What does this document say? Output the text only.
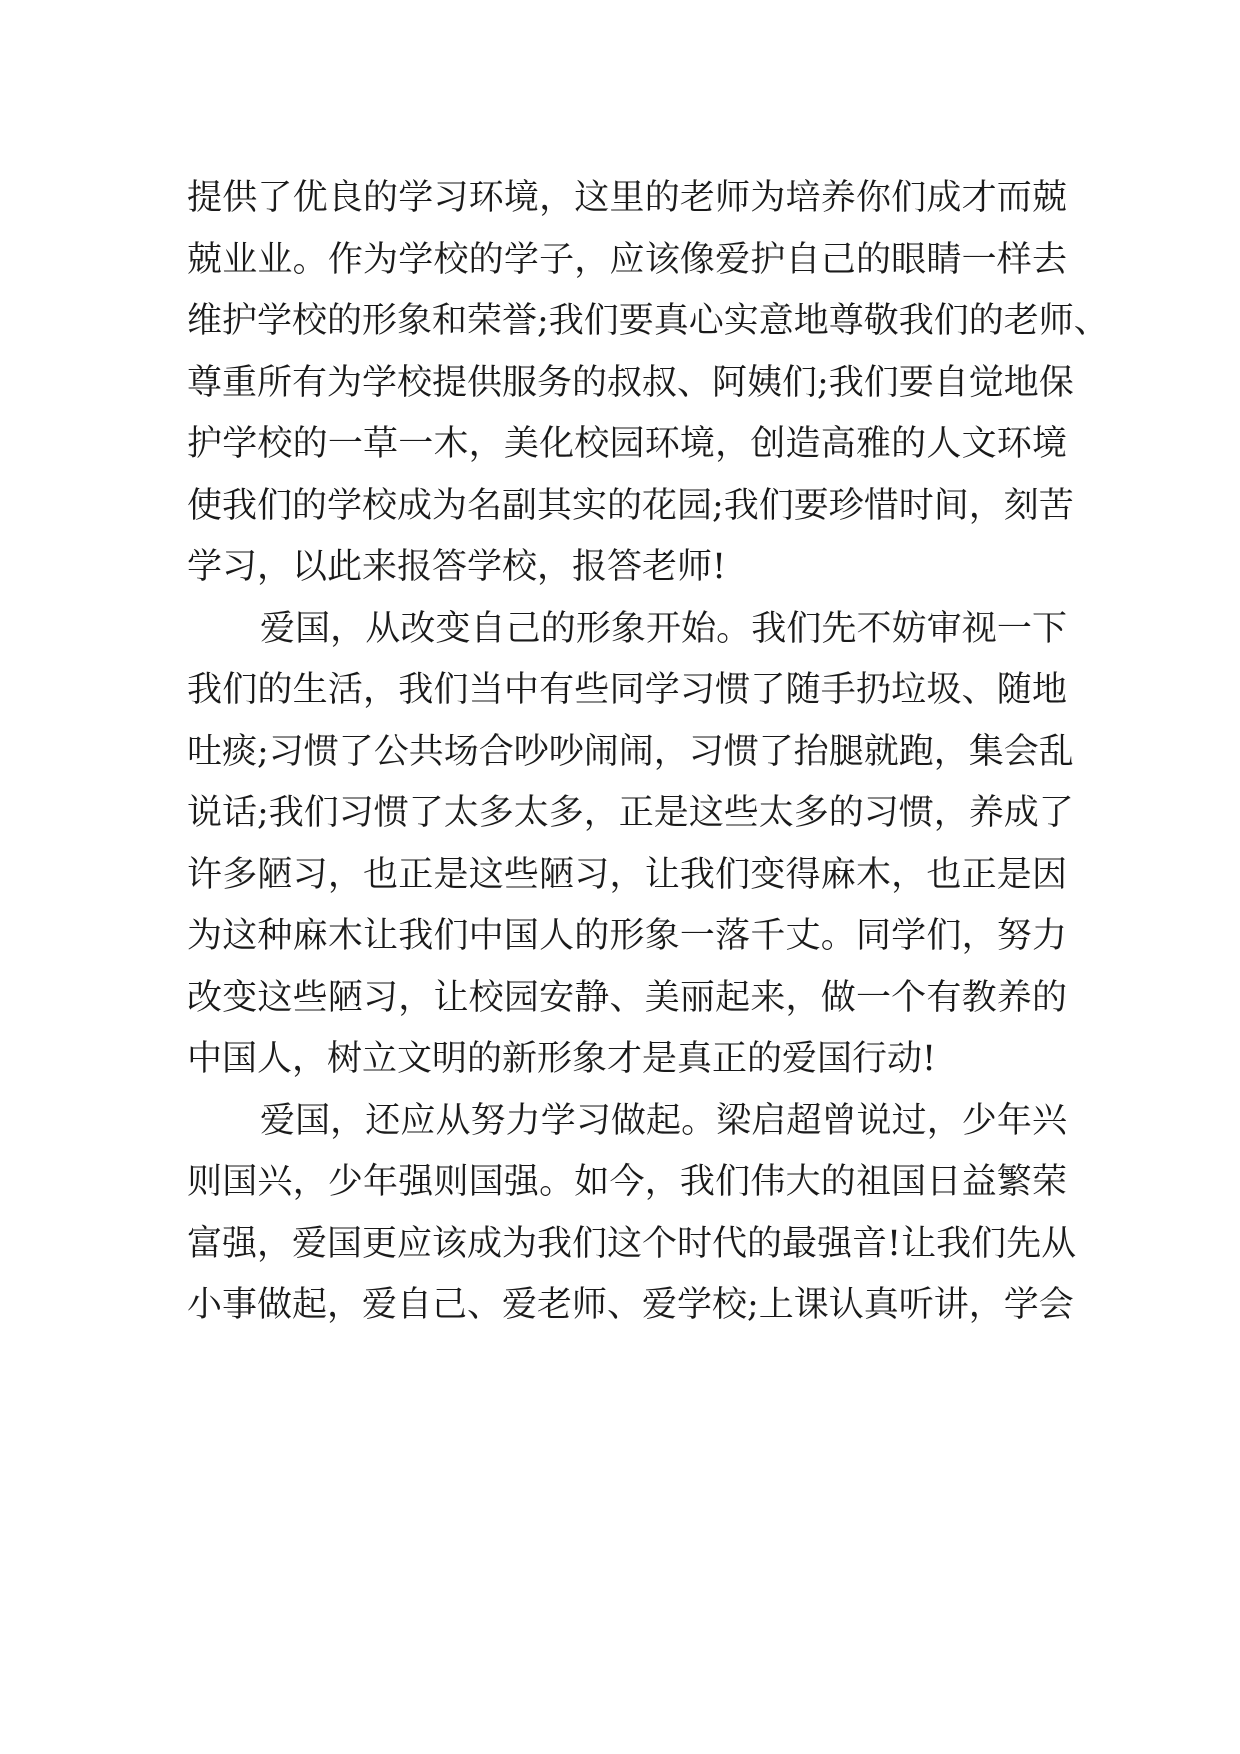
提供了优良的学习环境，这里的老师为培养你们成才而兢
兢业业。作为学校的学子，应该像爱护自己的眼睛一样去
维护学校的形象和荣誉;我们要真心实意地尊敬我们的老师、
尊重所有为学校提供服务的叔叔、阿姨们;我们要自觉地保
护学校的一草一木，美化校园环境，创造高雅的人文环境
使我们的学校成为名副其实的花园;我们要珍惜时间，刻苦
学习，以此来报答学校，报答老师!
爱国，从改变自己的形象开始。我们先不妨审视一下
我们的生活，我们当中有些同学习惯了随手扔垃圾、随地
吐痰;习惯了公共场合吵吵闹闹，习惯了抬腿就跑，集会乱
说话;我们习惯了太多太多，正是这些太多的习惯，养成了
许多陋习，也正是这些陋习，让我们变得麻木，也正是因
为这种麻木让我们中国人的形象一落千丈。同学们，努力
改变这些陋习，让校园安静、美丽起来，做一个有教养的
中国人，树立文明的新形象才是真正的爱国行动!
爱国，还应从努力学习做起。梁启超曾说过，少年兴
则国兴，少年强则国强。如今，我们伟大的祖国日益繁荣
富强，爱国更应该成为我们这个时代的最强音!让我们先从
小事做起，爱自己、爱老师、爱学校;上课认真听讲，学会
